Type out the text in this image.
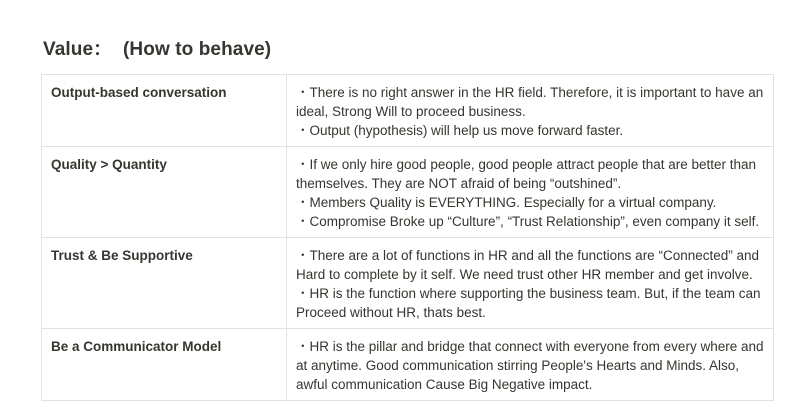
Value：  (How to behave)
Output-based conversation	・There is no right answer in the HR field. Therefore, it is important to have an ideal, Strong Will to proceed business.
・Output (hypothesis) will help us move forward faster.

Quality > Quantity	・If we only hire good people, good people attract people that are better than themselves. They are NOT afraid of being “outshined”.
・Members Quality is EVERYTHING. Especially for a virtual company.
・Compromise Broke up “Culture”, “Trust Relationship”, even company it self.

Trust & Be Supportive	・There are a lot of functions in HR and all the functions are “Connected” and Hard to complete by it self. We need trust other HR member and get involve.
・HR is the function where supporting the business team. But, if the team can Proceed without HR, thats best.

Be a Communicator Model	・HR is the pillar and bridge that connect with everyone from every where and at anytime. Good communication stirring People's Hearts and Minds. Also, awful communication Cause Big Negative impact.
